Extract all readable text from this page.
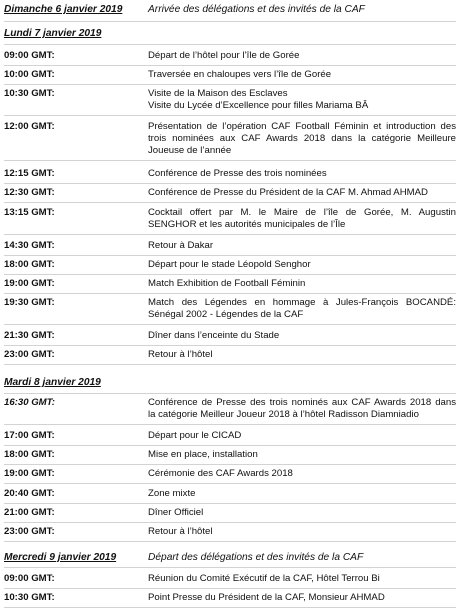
Dimanche 6 janvier 2019	Arrivée des délégations et des invités de la CAF
Lundi 7 janvier 2019
09:00 GMT:	Départ de l’hôtel pour l’île de Gorée
10:00 GMT:	Traversée en chaloupes vers l’île de Gorée
10:30 GMT:	Visite de la Maison des Esclaves
Visite du Lycée d’Excellence pour filles Mariama BÂ
12:00 GMT:	Présentation de l’opération CAF Football Féminin et introduction des
trois nominées aux CAF Awards 2018 dans la catégorie Meilleure
Joueuse de l’année
12:15 GMT:	Conférence de Presse des trois nominées
12:30 GMT:	Conférence de Presse du Président de la CAF M. Ahmad AHMAD
13:15 GMT:	Cocktail offert par M. le Maire de l’île de Gorée, M. Augustin
SENGHOR et les autorités municipales de l’Île
14:30 GMT:	Retour à Dakar
18:00 GMT:	Départ pour le stade Léopold Senghor
19:00 GMT:	Match Exhibition de Football Féminin
19:30 GMT:	Match des Légendes en hommage à Jules-François BOCANDÉ:
Sénégal 2002 - Légendes de la CAF
21:30 GMT:	Dîner dans l’enceinte du Stade
23:00 GMT:	Retour à l’hôtel
Mardi 8 janvier 2019
16:30 GMT:	Conférence de Presse des trois nominés aux CAF Awards 2018 dans
la catégorie Meilleur Joueur 2018 à l’hôtel Radisson Diamniadio
17:00 GMT:	Départ pour le CICAD
18:00 GMT:	Mise en place, installation
19:00 GMT:	Cérémonie des CAF Awards 2018
20:40 GMT:	Zone mixte
21:00 GMT:	Dîner Officiel
23:00 GMT:	Retour à l’hôtel
Mercredi 9 janvier 2019	Départ des délégations et des invités de la CAF
09:00 GMT:	Réunion du Comité Exécutif de la CAF, Hôtel Terrou Bi
10:30 GMT:	Point Presse du Président de la CAF, Monsieur AHMAD
